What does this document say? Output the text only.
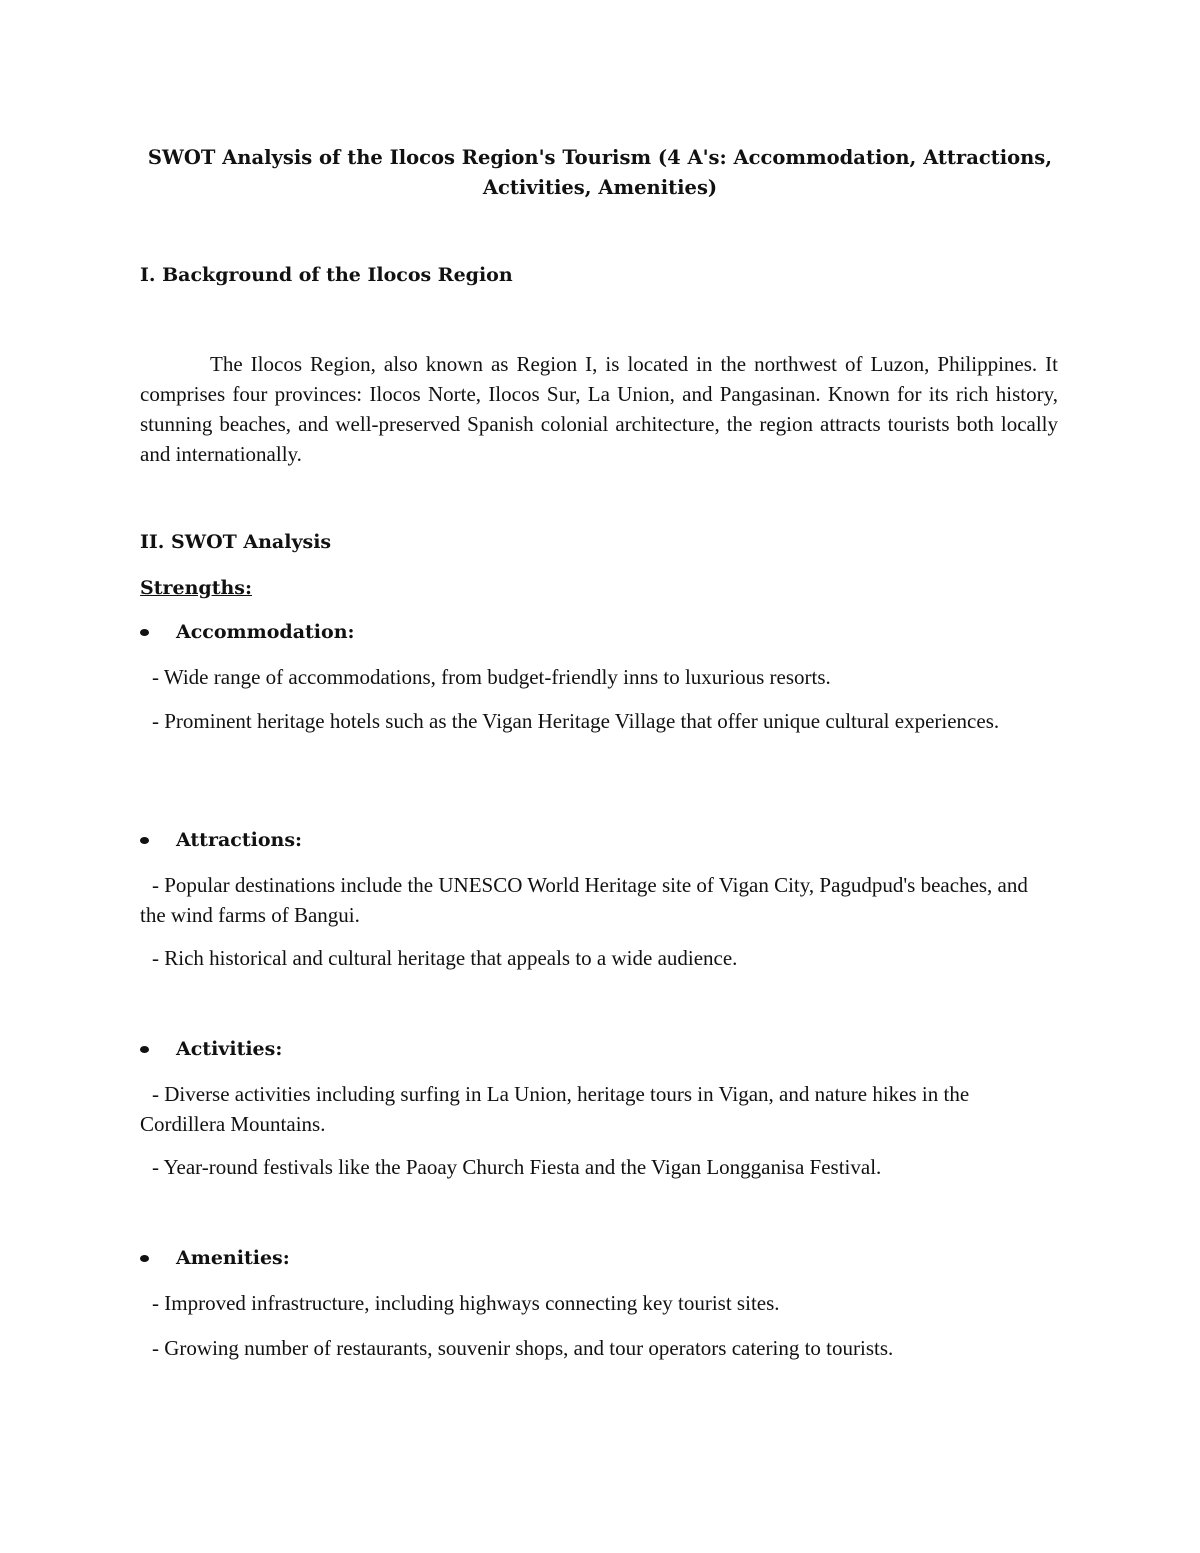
SWOT Analysis of the Ilocos Region's Tourism (4 A's: Accommodation, Attractions, Activities, Amenities)

I. Background of the Ilocos Region

The Ilocos Region, also known as Region I, is located in the northwest of Luzon, Philippines. It comprises four provinces: Ilocos Norte, Ilocos Sur, La Union, and Pangasinan. Known for its rich history, stunning beaches, and well-preserved Spanish colonial architecture, the region attracts tourists both locally and internationally.

II. SWOT Analysis

Strengths:

Accommodation:

- Wide range of accommodations, from budget-friendly inns to luxurious resorts.

- Prominent heritage hotels such as the Vigan Heritage Village that offer unique cultural experiences.

Attractions:

- Popular destinations include the UNESCO World Heritage site of Vigan City, Pagudpud's beaches, and the wind farms of Bangui.

- Rich historical and cultural heritage that appeals to a wide audience.

Activities:

- Diverse activities including surfing in La Union, heritage tours in Vigan, and nature hikes in the Cordillera Mountains.

- Year-round festivals like the Paoay Church Fiesta and the Vigan Longganisa Festival.

Amenities:

- Improved infrastructure, including highways connecting key tourist sites.

- Growing number of restaurants, souvenir shops, and tour operators catering to tourists.
